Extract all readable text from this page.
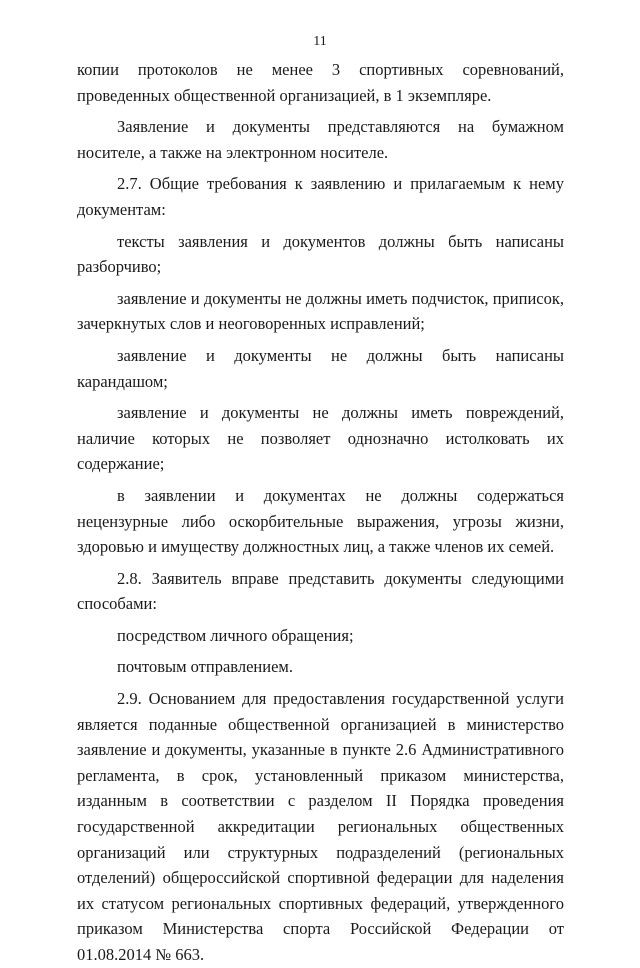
11

копии протоколов не менее 3 спортивных соревнований, проведенных общественной организацией, в 1 экземпляре.

Заявление и документы представляются на бумажном носителе, а также на электронном носителе.

2.7. Общие требования к заявлению и прилагаемым к нему документам:

тексты заявления и документов должны быть написаны разборчиво;

заявление и документы не должны иметь подчисток, приписок, зачеркнутых слов и неоговоренных исправлений;

заявление и документы не должны быть написаны карандашом;

заявление и документы не должны иметь повреждений, наличие которых не позволяет однозначно истолковать их содержание;

в заявлении и документах не должны содержаться нецензурные либо оскорбительные выражения, угрозы жизни, здоровью и имуществу должностных лиц, а также членов их семей.

2.8. Заявитель вправе представить документы следующими способами:

посредством личного обращения;

почтовым отправлением.

2.9. Основанием для предоставления государственной услуги является поданные общественной организацией в министерство заявление и документы, указанные в пункте 2.6 Административного регламента, в срок, установленный приказом министерства, изданным в соответствии с разделом II Порядка проведения государственной аккредитации региональных общественных организаций или структурных подразделений (региональных отделений) общероссийской спортивной федерации для наделения их статусом региональных спортивных федераций, утвержденного приказом Министерства спорта Российской Федерации от 01.08.2014 № 663.
